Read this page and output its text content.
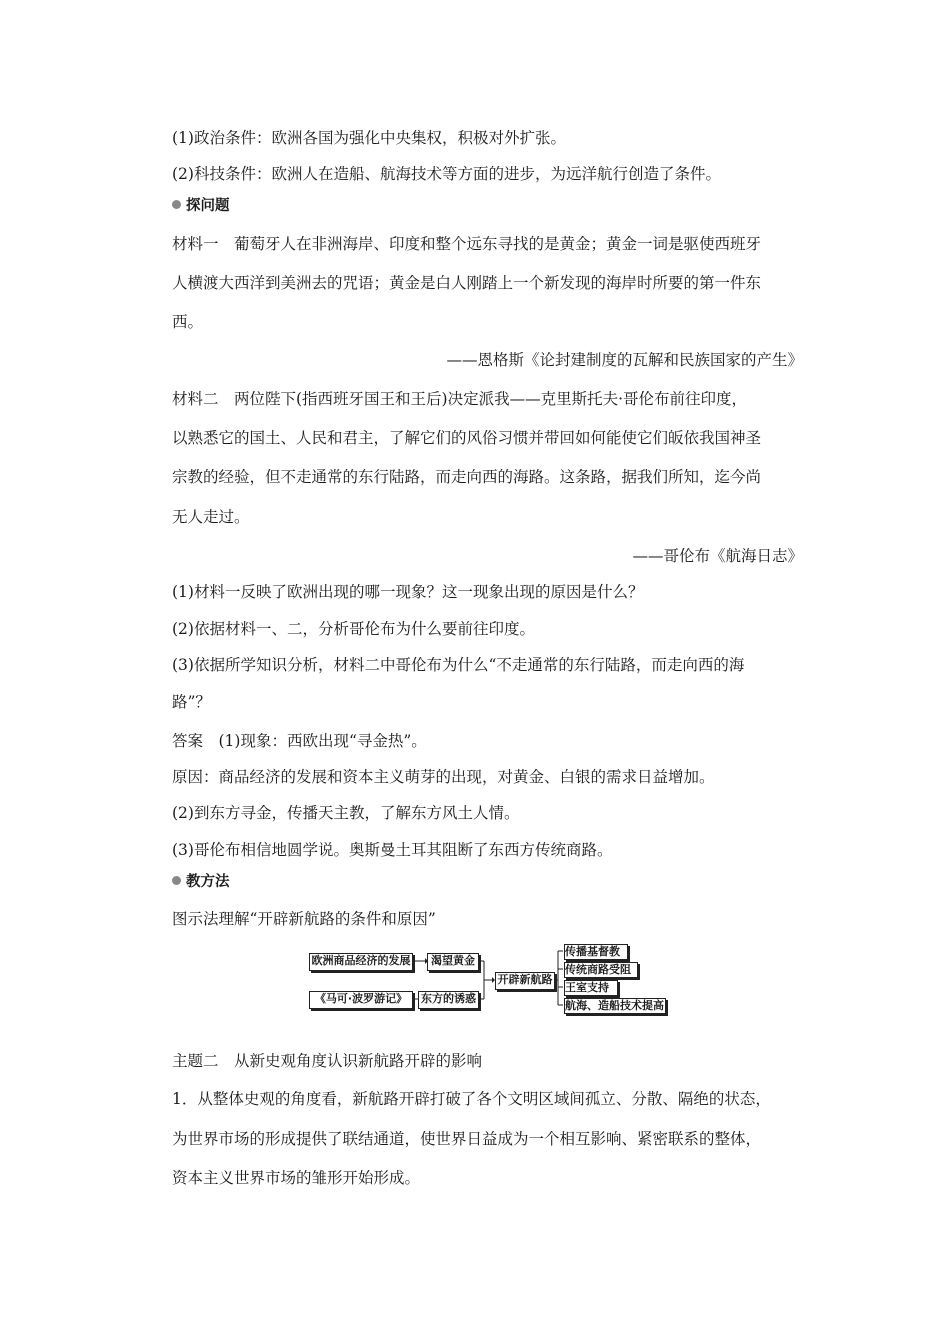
(1)政治条件：欧洲各国为强化中央集权，积极对外扩张。
(2)科技条件：欧洲人在造船、航海技术等方面的进步，为远洋航行创造了条件。
探问题
材料一　葡萄牙人在非洲海岸、印度和整个远东寻找的是黄金；黄金一词是驱使西班牙
人横渡大西洋到美洲去的咒语；黄金是白人刚踏上一个新发现的海岸时所要的第一件东
西。
——恩格斯《论封建制度的瓦解和民族国家的产生》
材料二　两位陛下(指西班牙国王和王后)决定派我——克里斯托夫·哥伦布前往印度，
以熟悉它的国土、人民和君主，了解它们的风俗习惯并带回如何能使它们皈依我国神圣
宗教的经验，但不走通常的东行陆路，而走向西的海路。这条路，据我们所知，迄今尚
无人走过。
——哥伦布《航海日志》
(1)材料一反映了欧洲出现的哪一现象？这一现象出现的原因是什么？
(2)依据材料一、二，分析哥伦布为什么要前往印度。
(3)依据所学知识分析，材料二中哥伦布为什么“不走通常的东行陆路，而走向西的海
路”？
答案　(1)现象：西欧出现“寻金热”。
原因：商品经济的发展和资本主义萌芽的出现，对黄金、白银的需求日益增加。
(2)到东方寻金，传播天主教，了解东方风土人情。
(3)哥伦布相信地圆学说。奥斯曼土耳其阻断了东西方传统商路。
教方法
图示法理解“开辟新航路的条件和原因”
欧洲商品经济的发展	渴望黄金
《马可·波罗游记》	东方的诱惑
开辟新航路
传播基督教
传统商路受阻
王室支持
航海、造船技术提高
主题二　从新史观角度认识新航路开辟的影响
1．从整体史观的角度看，新航路开辟打破了各个文明区域间孤立、分散、隔绝的状态，
为世界市场的形成提供了联结通道，使世界日益成为一个相互影响、紧密联系的整体，
资本主义世界市场的雏形开始形成。
